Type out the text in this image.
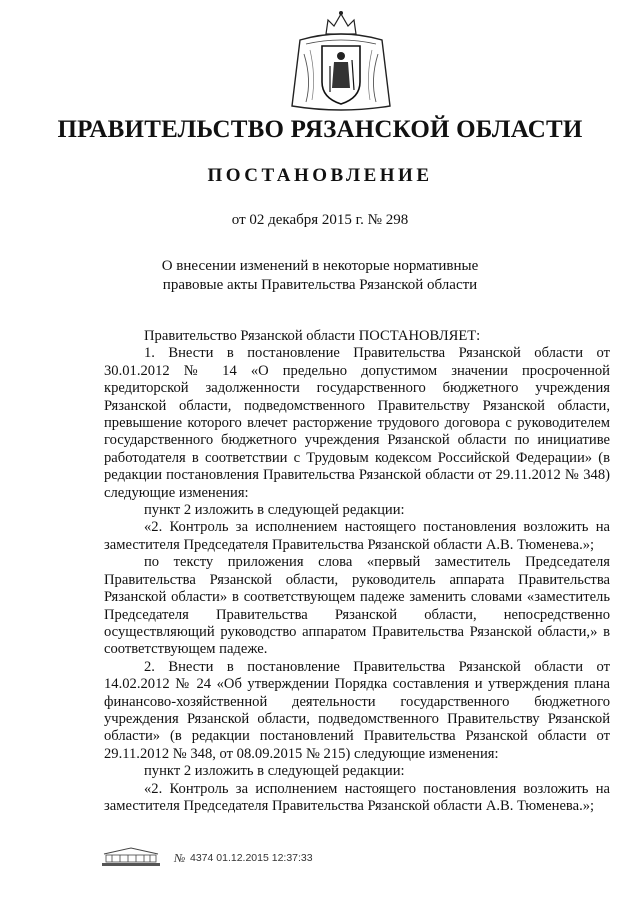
ПРАВИТЕЛЬСТВО РЯЗАНСКОЙ ОБЛАСТИ
ПОСТАНОВЛЕНИЕ
от 02 декабря 2015 г. № 298
О внесении изменений в некоторые нормативные
правовые акты Правительства Рязанской области

Правительство Рязанской области ПОСТАНОВЛЯЕТ:

1. Внести в постановление Правительства Рязанской области от 30.01.2012 № 14 «О предельно допустимом значении просроченной кредиторской задолженности государственного бюджетного учреждения Рязанской области, подведомственного Правительству Рязанской области, превышение которого влечет расторжение трудового договора с руководителем государственного бюджетного учреждения Рязанской области по инициативе работодателя в соответствии с Трудовым кодексом Российской Федерации» (в редакции постановления Правительства Рязанской области от 29.11.2012 № 348) следующие изменения:

пункт 2 изложить в следующей редакции:

«2. Контроль за исполнением настоящего постановления возложить на заместителя Председателя Правительства Рязанской области А.В. Тюменева.»;

по тексту приложения слова «первый заместитель Председателя Правительства Рязанской области, руководитель аппарата Правительства Рязанской области» в соответствующем падеже заменить словами «заместитель Председателя Правительства Рязанской области, непосредственно осуществляющий руководство аппаратом Правительства Рязанской области,» в соответствующем падеже.

2. Внести в постановление Правительства Рязанской области от 14.02.2012 № 24 «Об утверждении Порядка составления и утверждения плана финансово-хозяйственной деятельности государственного бюджетного учреждения Рязанской области, подведомственного Правительству Рязанской области» (в редакции постановлений Правительства Рязанской области от 29.11.2012 № 348, от 08.09.2015 № 215) следующие изменения:

пункт 2 изложить в следующей редакции:

«2. Контроль за исполнением настоящего постановления возложить на заместителя Председателя Правительства Рязанской области А.В. Тюменева.»;

№ 4374 01.12.2015 12:37:33
